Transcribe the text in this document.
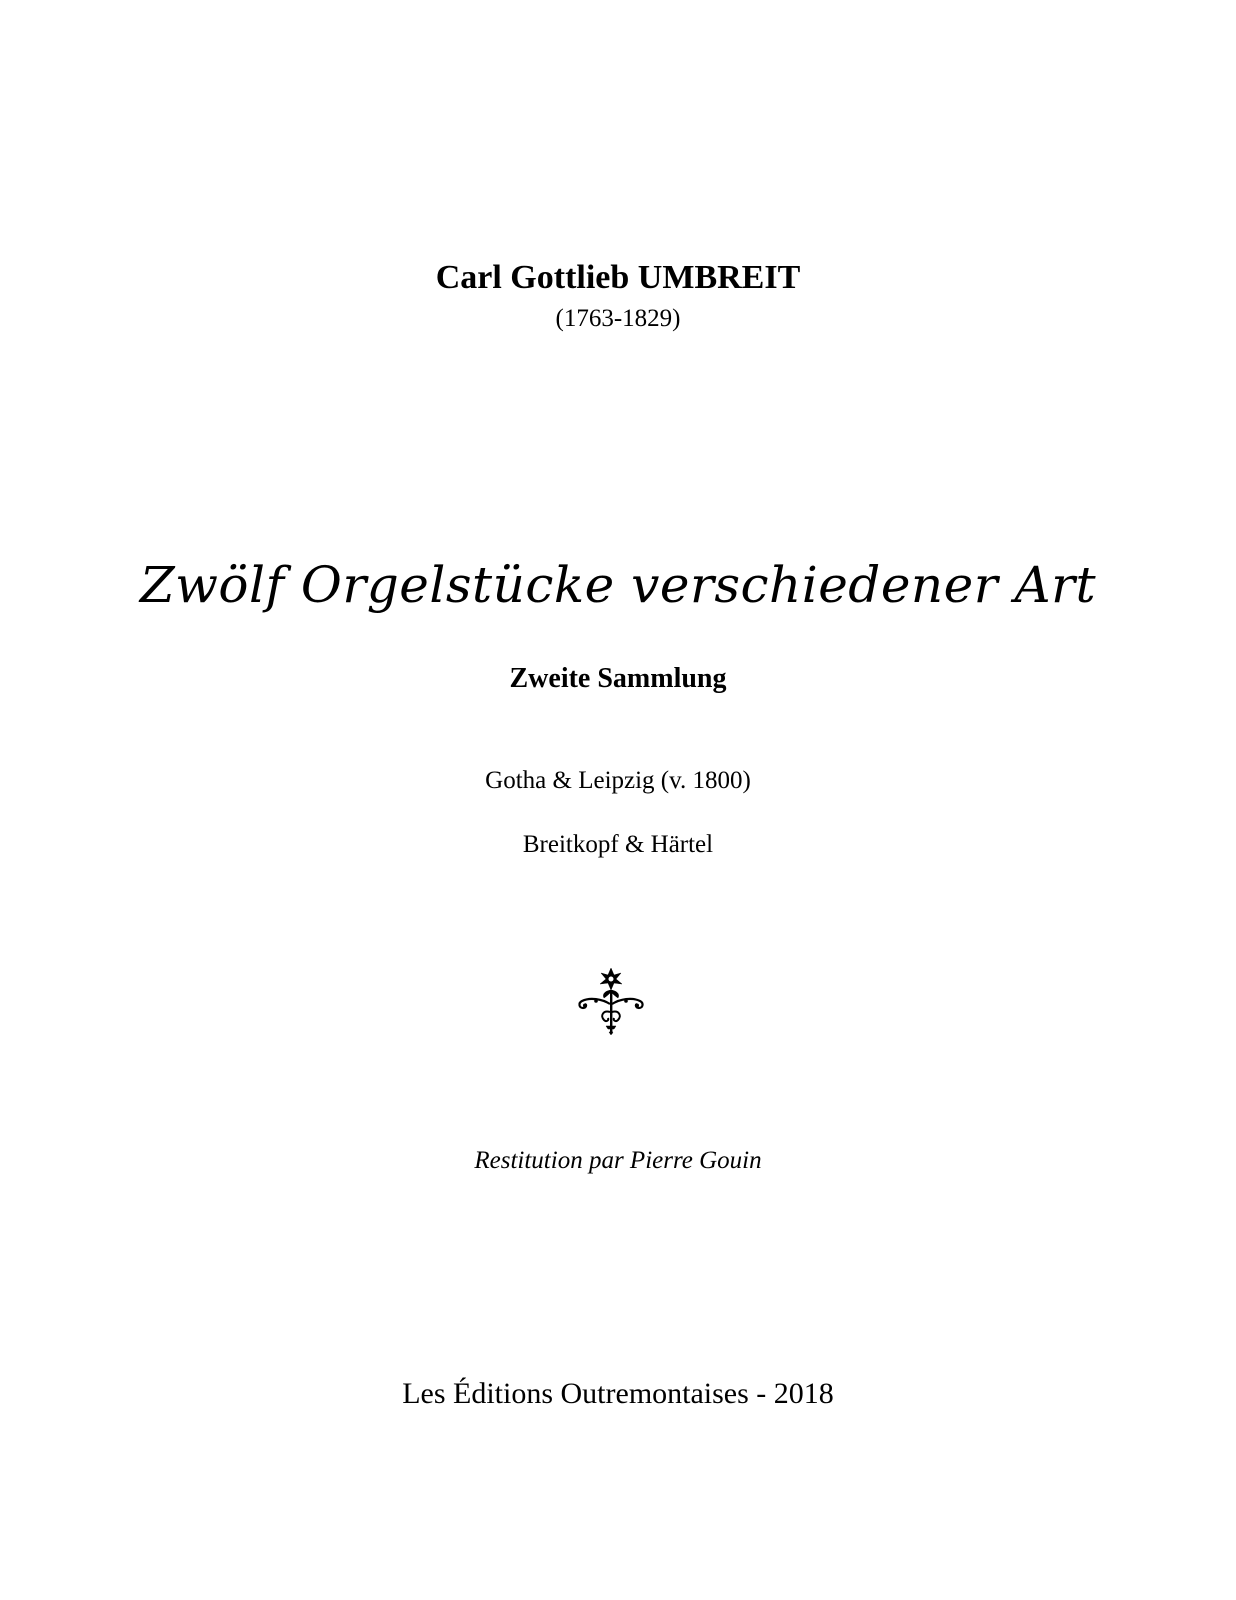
Carl Gottlieb UMBREIT
(1763-1829)
Zwölf Orgelstücke verschiedener Art
Zweite Sammlung
Gotha & Leipzig (v. 1800)
Breitkopf & Härtel
Restitution par Pierre Gouin
Les Éditions Outremontaises - 2018
